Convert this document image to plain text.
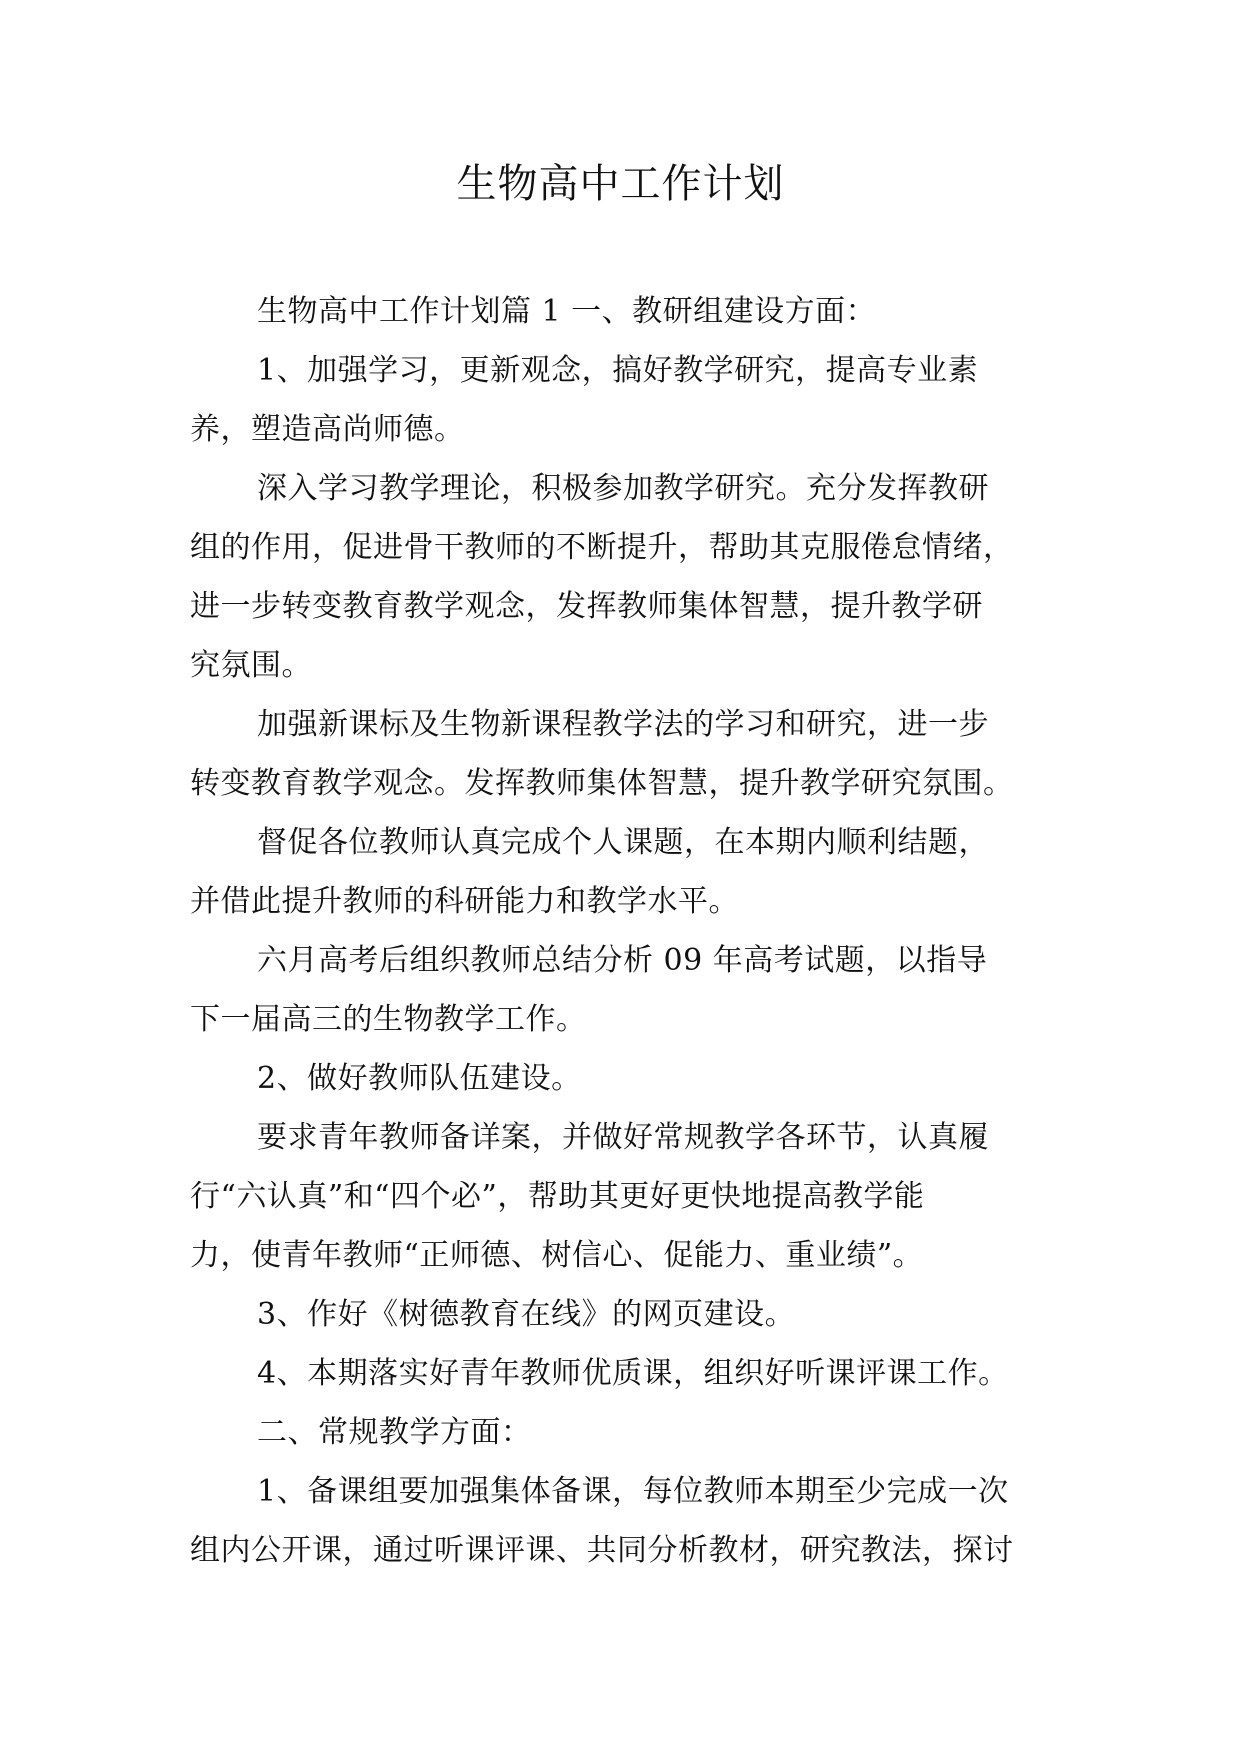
生物高中工作计划
生物高中工作计划篇 1 一、教研组建设方面：
1、加强学习，更新观念，搞好教学研究，提高专业素
养，塑造高尚师德。
深入学习教学理论，积极参加教学研究。充分发挥教研
组的作用，促进骨干教师的不断提升，帮助其克服倦怠情绪，
进一步转变教育教学观念，发挥教师集体智慧，提升教学研
究氛围。
加强新课标及生物新课程教学法的学习和研究，进一步
转变教育教学观念。发挥教师集体智慧，提升教学研究氛围。
督促各位教师认真完成个人课题，在本期内顺利结题，
并借此提升教师的科研能力和教学水平。
六月高考后组织教师总结分析 09 年高考试题，以指导
下一届高三的生物教学工作。
2、做好教师队伍建设。
要求青年教师备详案，并做好常规教学各环节，认真履
行“六认真”和“四个必”，帮助其更好更快地提高教学能
力，使青年教师“正师德、树信心、促能力、重业绩”。
3、作好《树德教育在线》的网页建设。
4、本期落实好青年教师优质课，组织好听课评课工作。
二、常规教学方面：
1、备课组要加强集体备课，每位教师本期至少完成一次
组内公开课，通过听课评课、共同分析教材，研究教法，探讨
